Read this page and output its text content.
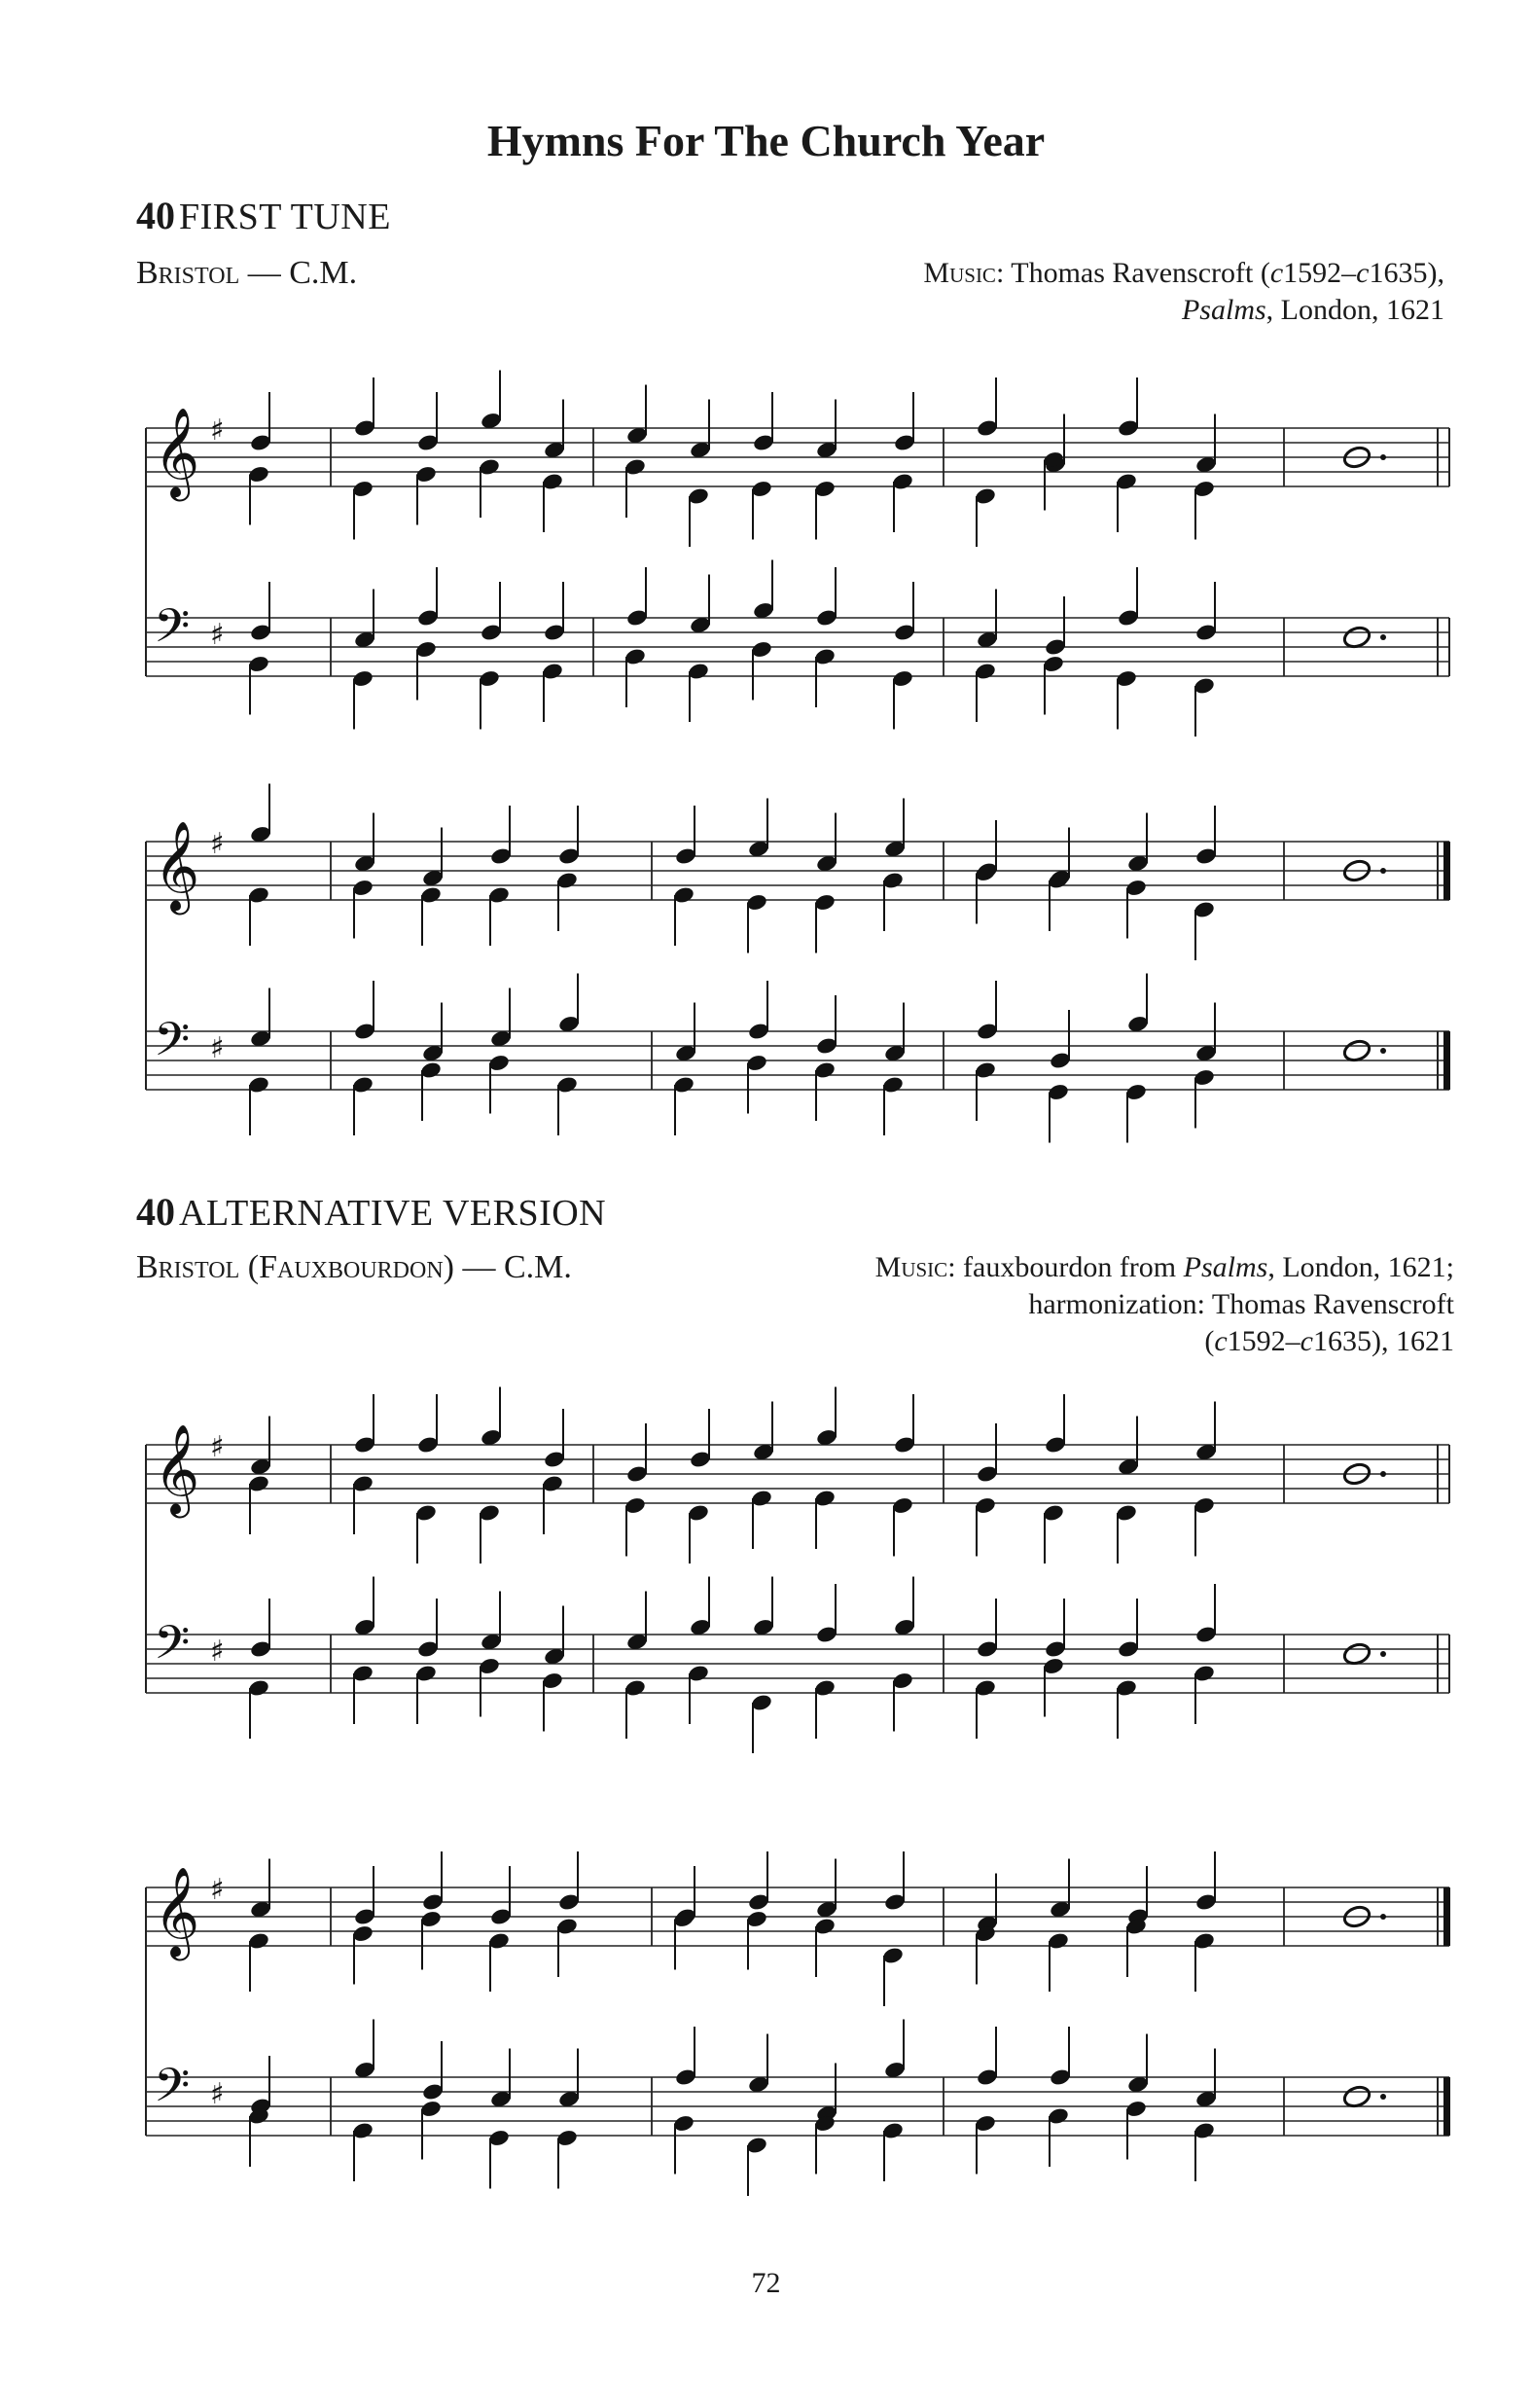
Hymns For The Church Year
40 FIRST TUNE
Bristol — C.M.	Music: Thomas Ravenscroft (c1592–c1635),
Psalms, London, 1621
𝄞 ♯
𝄢 ♯
𝄞 ♯
𝄢 ♯
40 ALTERNATIVE VERSION
Bristol (Fauxbourdon) — C.M.	Music: fauxbourdon from Psalms, London, 1621;
harmonization: Thomas Ravenscroft
(c1592–c1635), 1621
𝄞 ♯
𝄢 ♯
𝄞 ♯
𝄢 ♯
72
